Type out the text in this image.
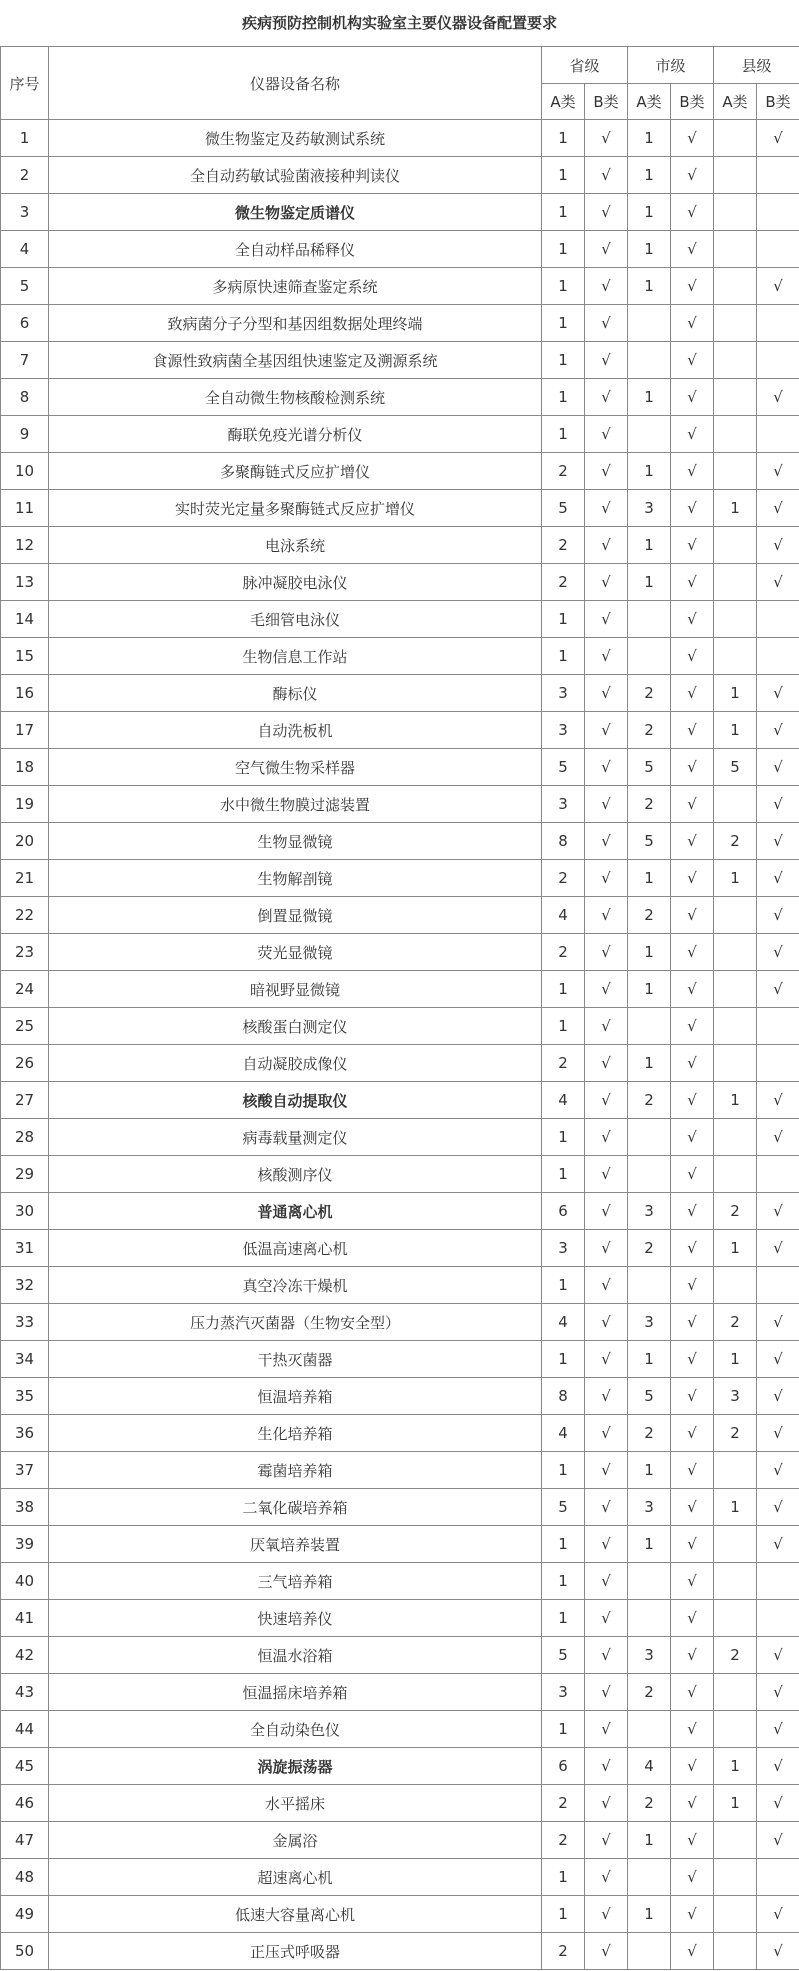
疾病预防控制机构实验室主要仪器设备配置要求
序号	仪器设备名称	省级		市级		县级	
		A类	B类	A类	B类	A类	B类
1	微生物鉴定及药敏测试系统	1	√	1	√		√
2	全自动药敏试验菌液接种判读仪	1	√	1	√		
3	微生物鉴定质谱仪	1	√	1	√		
4	全自动样品稀释仪	1	√	1	√		
5	多病原快速筛查鉴定系统	1	√	1	√		√
6	致病菌分子分型和基因组数据处理终端	1	√		√		
7	食源性致病菌全基因组快速鉴定及溯源系统	1	√		√		
8	全自动微生物核酸检测系统	1	√	1	√		√
9	酶联免疫光谱分析仪	1	√		√		
10	多聚酶链式反应扩增仪	2	√	1	√		√
11	实时荧光定量多聚酶链式反应扩增仪	5	√	3	√	1	√
12	电泳系统	2	√	1	√		√
13	脉冲凝胶电泳仪	2	√	1	√		√
14	毛细管电泳仪	1	√		√		
15	生物信息工作站	1	√		√		
16	酶标仪	3	√	2	√	1	√
17	自动洗板机	3	√	2	√	1	√
18	空气微生物采样器	5	√	5	√	5	√
19	水中微生物膜过滤装置	3	√	2	√		√
20	生物显微镜	8	√	5	√	2	√
21	生物解剖镜	2	√	1	√	1	√
22	倒置显微镜	4	√	2	√		√
23	荧光显微镜	2	√	1	√		√
24	暗视野显微镜	1	√	1	√		√
25	核酸蛋白测定仪	1	√		√		
26	自动凝胶成像仪	2	√	1	√		
27	核酸自动提取仪	4	√	2	√	1	√
28	病毒载量测定仪	1	√		√		√
29	核酸测序仪	1	√		√		
30	普通离心机	6	√	3	√	2	√
31	低温高速离心机	3	√	2	√	1	√
32	真空冷冻干燥机	1	√		√		
33	压力蒸汽灭菌器（生物安全型）	4	√	3	√	2	√
34	干热灭菌器	1	√	1	√	1	√
35	恒温培养箱	8	√	5	√	3	√
36	生化培养箱	4	√	2	√	2	√
37	霉菌培养箱	1	√	1	√		√
38	二氧化碳培养箱	5	√	3	√	1	√
39	厌氧培养装置	1	√	1	√		√
40	三气培养箱	1	√		√		
41	快速培养仪	1	√		√		
42	恒温水浴箱	5	√	3	√	2	√
43	恒温摇床培养箱	3	√	2	√		√
44	全自动染色仪	1	√		√		√
45	涡旋振荡器	6	√	4	√	1	√
46	水平摇床	2	√	2	√	1	√
47	金属浴	2	√	1	√		√
48	超速离心机	1	√		√		
49	低速大容量离心机	1	√	1	√		√
50	正压式呼吸器	2	√		√		√
